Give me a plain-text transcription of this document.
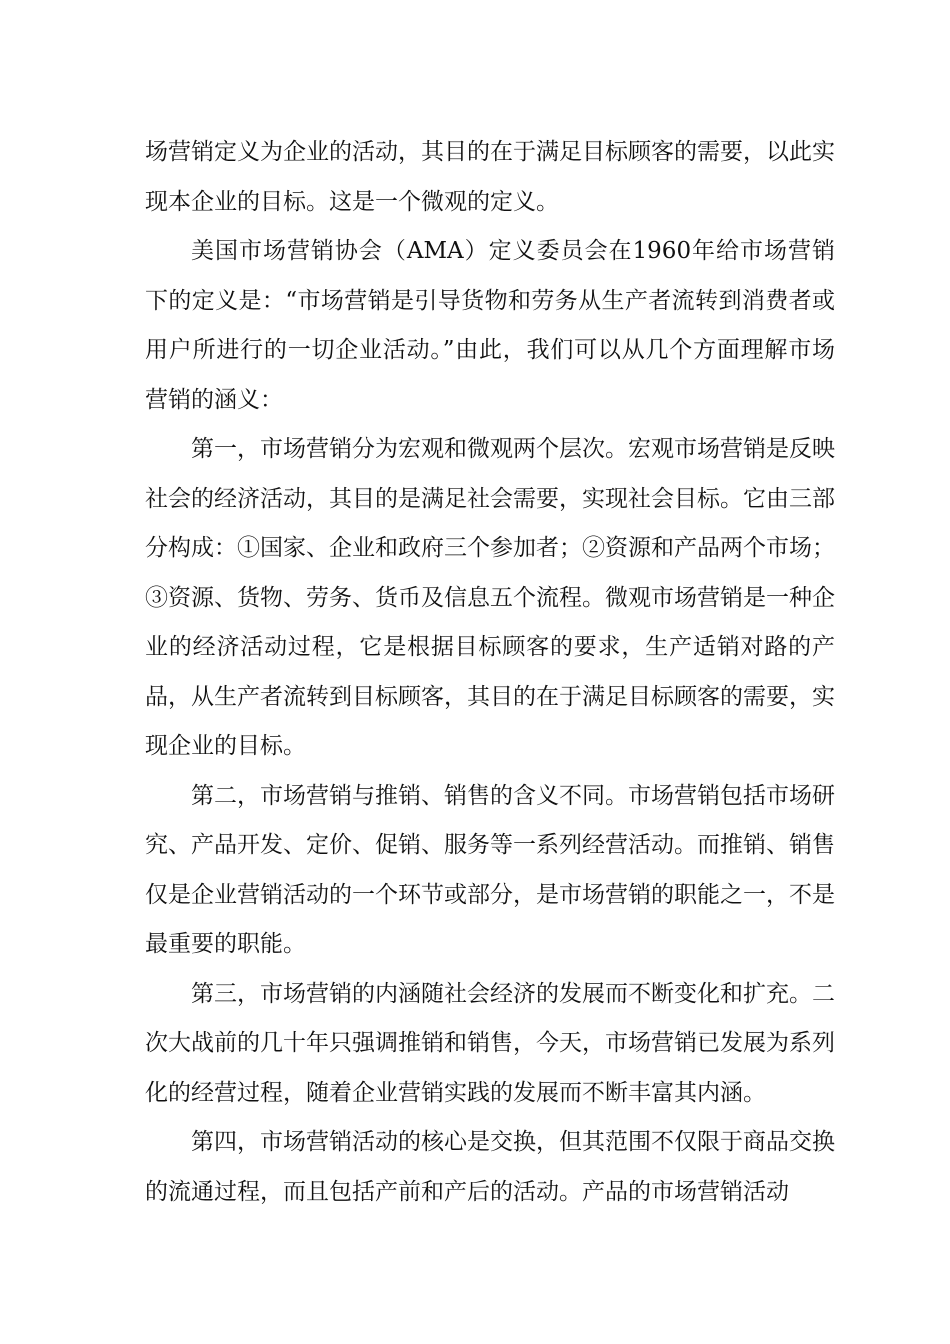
场营销定义为企业的活动，其目的在于满足目标顾客的需要，以此实现本企业的目标。这是一个微观的定义。

美国市场营销协会（AMA）定义委员会在1960年给市场营销下的定义是：“市场营销是引导货物和劳务从生产者流转到消费者或用户所进行的一切企业活动。”由此，我们可以从几个方面理解市场营销的涵义：

第一，市场营销分为宏观和微观两个层次。宏观市场营销是反映社会的经济活动，其目的是满足社会需要，实现社会目标。它由三部分构成：①国家、企业和政府三个参加者；②资源和产品两个市场；③资源、货物、劳务、货币及信息五个流程。微观市场营销是一种企业的经济活动过程，它是根据目标顾客的要求，生产适销对路的产品，从生产者流转到目标顾客，其目的在于满足目标顾客的需要，实现企业的目标。

第二，市场营销与推销、销售的含义不同。市场营销包括市场研究、产品开发、定价、促销、服务等一系列经营活动。而推销、销售仅是企业营销活动的一个环节或部分，是市场营销的职能之一，不是最重要的职能。

第三，市场营销的内涵随社会经济的发展而不断变化和扩充。二次大战前的几十年只强调推销和销售，今天，市场营销已发展为系列化的经营过程，随着企业营销实践的发展而不断丰富其内涵。

第四，市场营销活动的核心是交换，但其范围不仅限于商品交换的流通过程，而且包括产前和产后的活动。产品的市场营销活动
